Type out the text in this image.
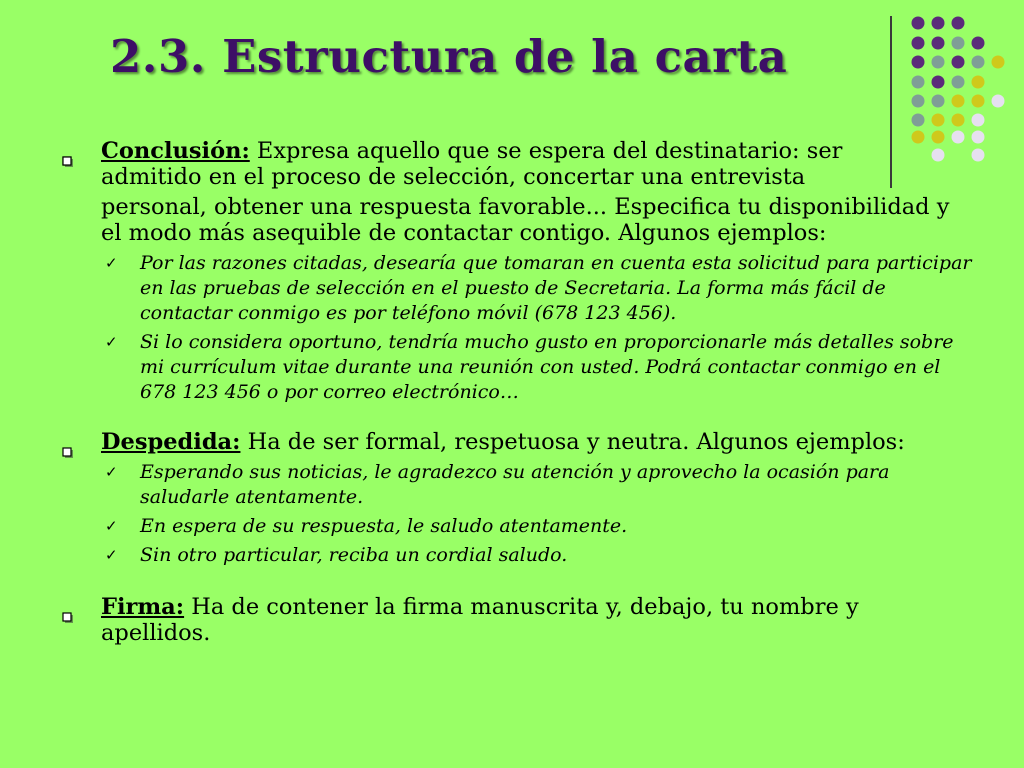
2.3. Estructura de la carta
Conclusión: Expresa aquello que se espera del destinatario: ser admitido en el proceso de selección, concertar una entrevista
personal, obtener una respuesta favorable... Especifica tu disponibilidad y el modo más asequible de contactar contigo. Algunos ejemplos:
✓ Por las razones citadas, desearía que tomaran en cuenta esta solicitud para participar en las pruebas de selección en el puesto de Secretaria. La forma más fácil de contactar conmigo es por teléfono móvil (678 123 456).
✓ Si lo considera oportuno, tendría mucho gusto en proporcionarle más detalles sobre mi currículum vitae durante una reunión con usted. Podrá contactar conmigo en el 678 123 456 o por correo electrónico…
Despedida: Ha de ser formal, respetuosa y neutra. Algunos ejemplos:
✓ Esperando sus noticias, le agradezco su atención y aprovecho la ocasión para saludarle atentamente.
✓ En espera de su respuesta, le saludo atentamente.
✓ Sin otro particular, reciba un cordial saludo.
Firma: Ha de contener la firma manuscrita y, debajo, tu nombre y apellidos.
